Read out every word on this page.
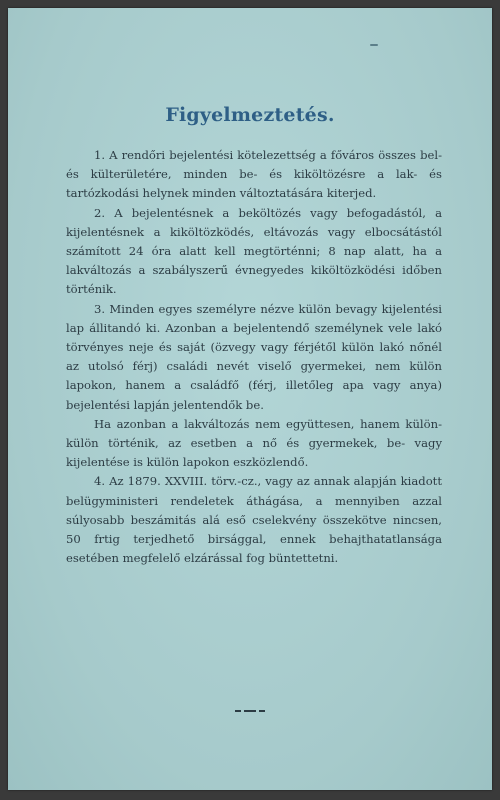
Figyelmeztetés.

1. A rendőri bejelentési kötelezettség a főváros összes bel- és külterületére, minden be- és kiköltözésre a lak- és tartózkodási helynek minden változtatására kiterjed.

2. A bejelentésnek a beköltözés vagy befogadástól, a kijelentésnek a kiköltözködés, eltávozás vagy elbocsátástól számított 24 óra alatt kell megtörténni; 8 nap alatt, ha a lakváltozás a szabályszerű évnegyedes kiköltözködési időben történik.

3. Minden egyes személyre nézve külön bevagy kijelentési lap állitandó ki. Azonban a bejelentendő személynek vele lakó törvényes neje és saját (özvegy vagy férjétől külön lakó nőnél az utolsó férj) családi nevét viselő gyermekei, nem külön lapokon, hanem a családfő (férj, illetőleg apa vagy anya) bejelentési lapján jelentendők be.

Ha azonban a lakváltozás nem együttesen, hanem külön-külön történik, az esetben a nő és gyermekek, be- vagy kijelentése is külön lapokon eszközlendő.

4. Az 1879. XXVIII. törv.-cz., vagy az annak alapján kiadott belügyministeri rendeletek áthágása, a mennyiben azzal súlyosabb beszámitás alá eső cselekvény összekötve nincsen, 50 frtig terjedhető birsággal, ennek behajthatatlansága esetében megfelelő elzárással fog büntettetni.
